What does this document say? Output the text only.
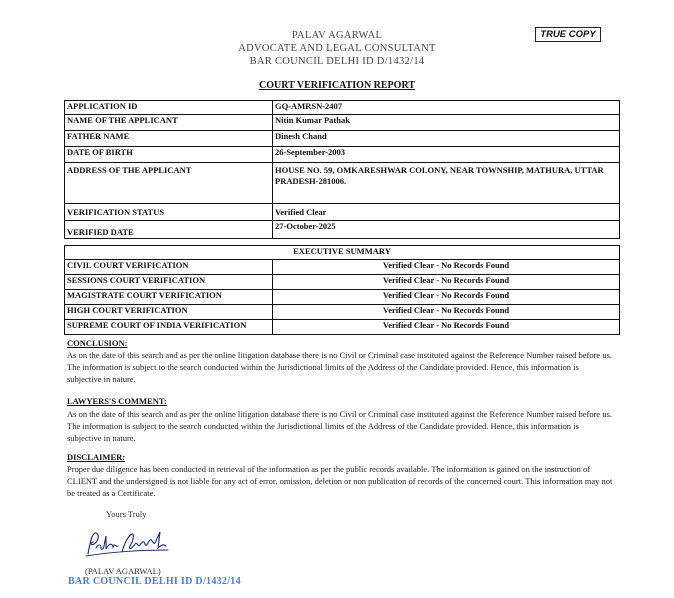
PALAV AGARWAL
ADVOCATE AND LEGAL CONSULTANT
BAR COUNCIL DELHI ID D/1432/14
TRUE COPY
COURT VERIFICATION REPORT
APPLICATION ID	GQ-AMRSN-2407
NAME OF THE APPLICANT	Nitin Kumar Pathak
FATHER NAME	Dinesh Chand
DATE OF BIRTH	26-September-2003
ADDRESS OF THE APPLICANT	HOUSE NO. 59, OMKARESHWAR COLONY, NEAR TOWNSHIP, MATHURA, UTTAR PRADESH-281006.
VERIFICATION STATUS	Verified Clear
VERIFIED DATE	27-October-2025
EXECUTIVE SUMMARY	
CIVIL COURT VERIFICATION	Verified Clear - No Records Found
SESSIONS COURT VERIFICATION	Verified Clear - No Records Found
MAGISTRATE COURT VERIFICATION	Verified Clear - No Records Found
HIGH COURT VERIFICATION	Verified Clear - No Records Found
SUPREME COURT OF INDIA VERIFICATION	Verified Clear - No Records Found
CONCLUSION:
As on the date of this search and as per the online litigation database there is no Civil or Criminal case instituted against the Reference Number raised before us. The information is subject to the search conducted within the Jurisdictional limits of the Address of the Candidate provided. Hence, this information is subjective in nature.
LAWYERS'S COMMENT:
As on the date of this search and as per the online litigation database there is no Civil or Criminal case instituted against the Reference Number raised before us. The information is subject to the search conducted within the Jurisdictional limits of the Address of the Candidate provided. Hence, this information is subjective in nature.
DISCLAIMER:
Proper due diligence has been conducted in retrieval of the information as per the public records available. The information is gained on the instruction of CLIENT and the undersigned is not liable for any act of error, omission, deletion or non publication of records of the concerned court. This information may not be treated as a Certificate.
Yours Truly
(PALAV AGARWAL)
BAR COUNCIL DELHI ID D/1432/14
